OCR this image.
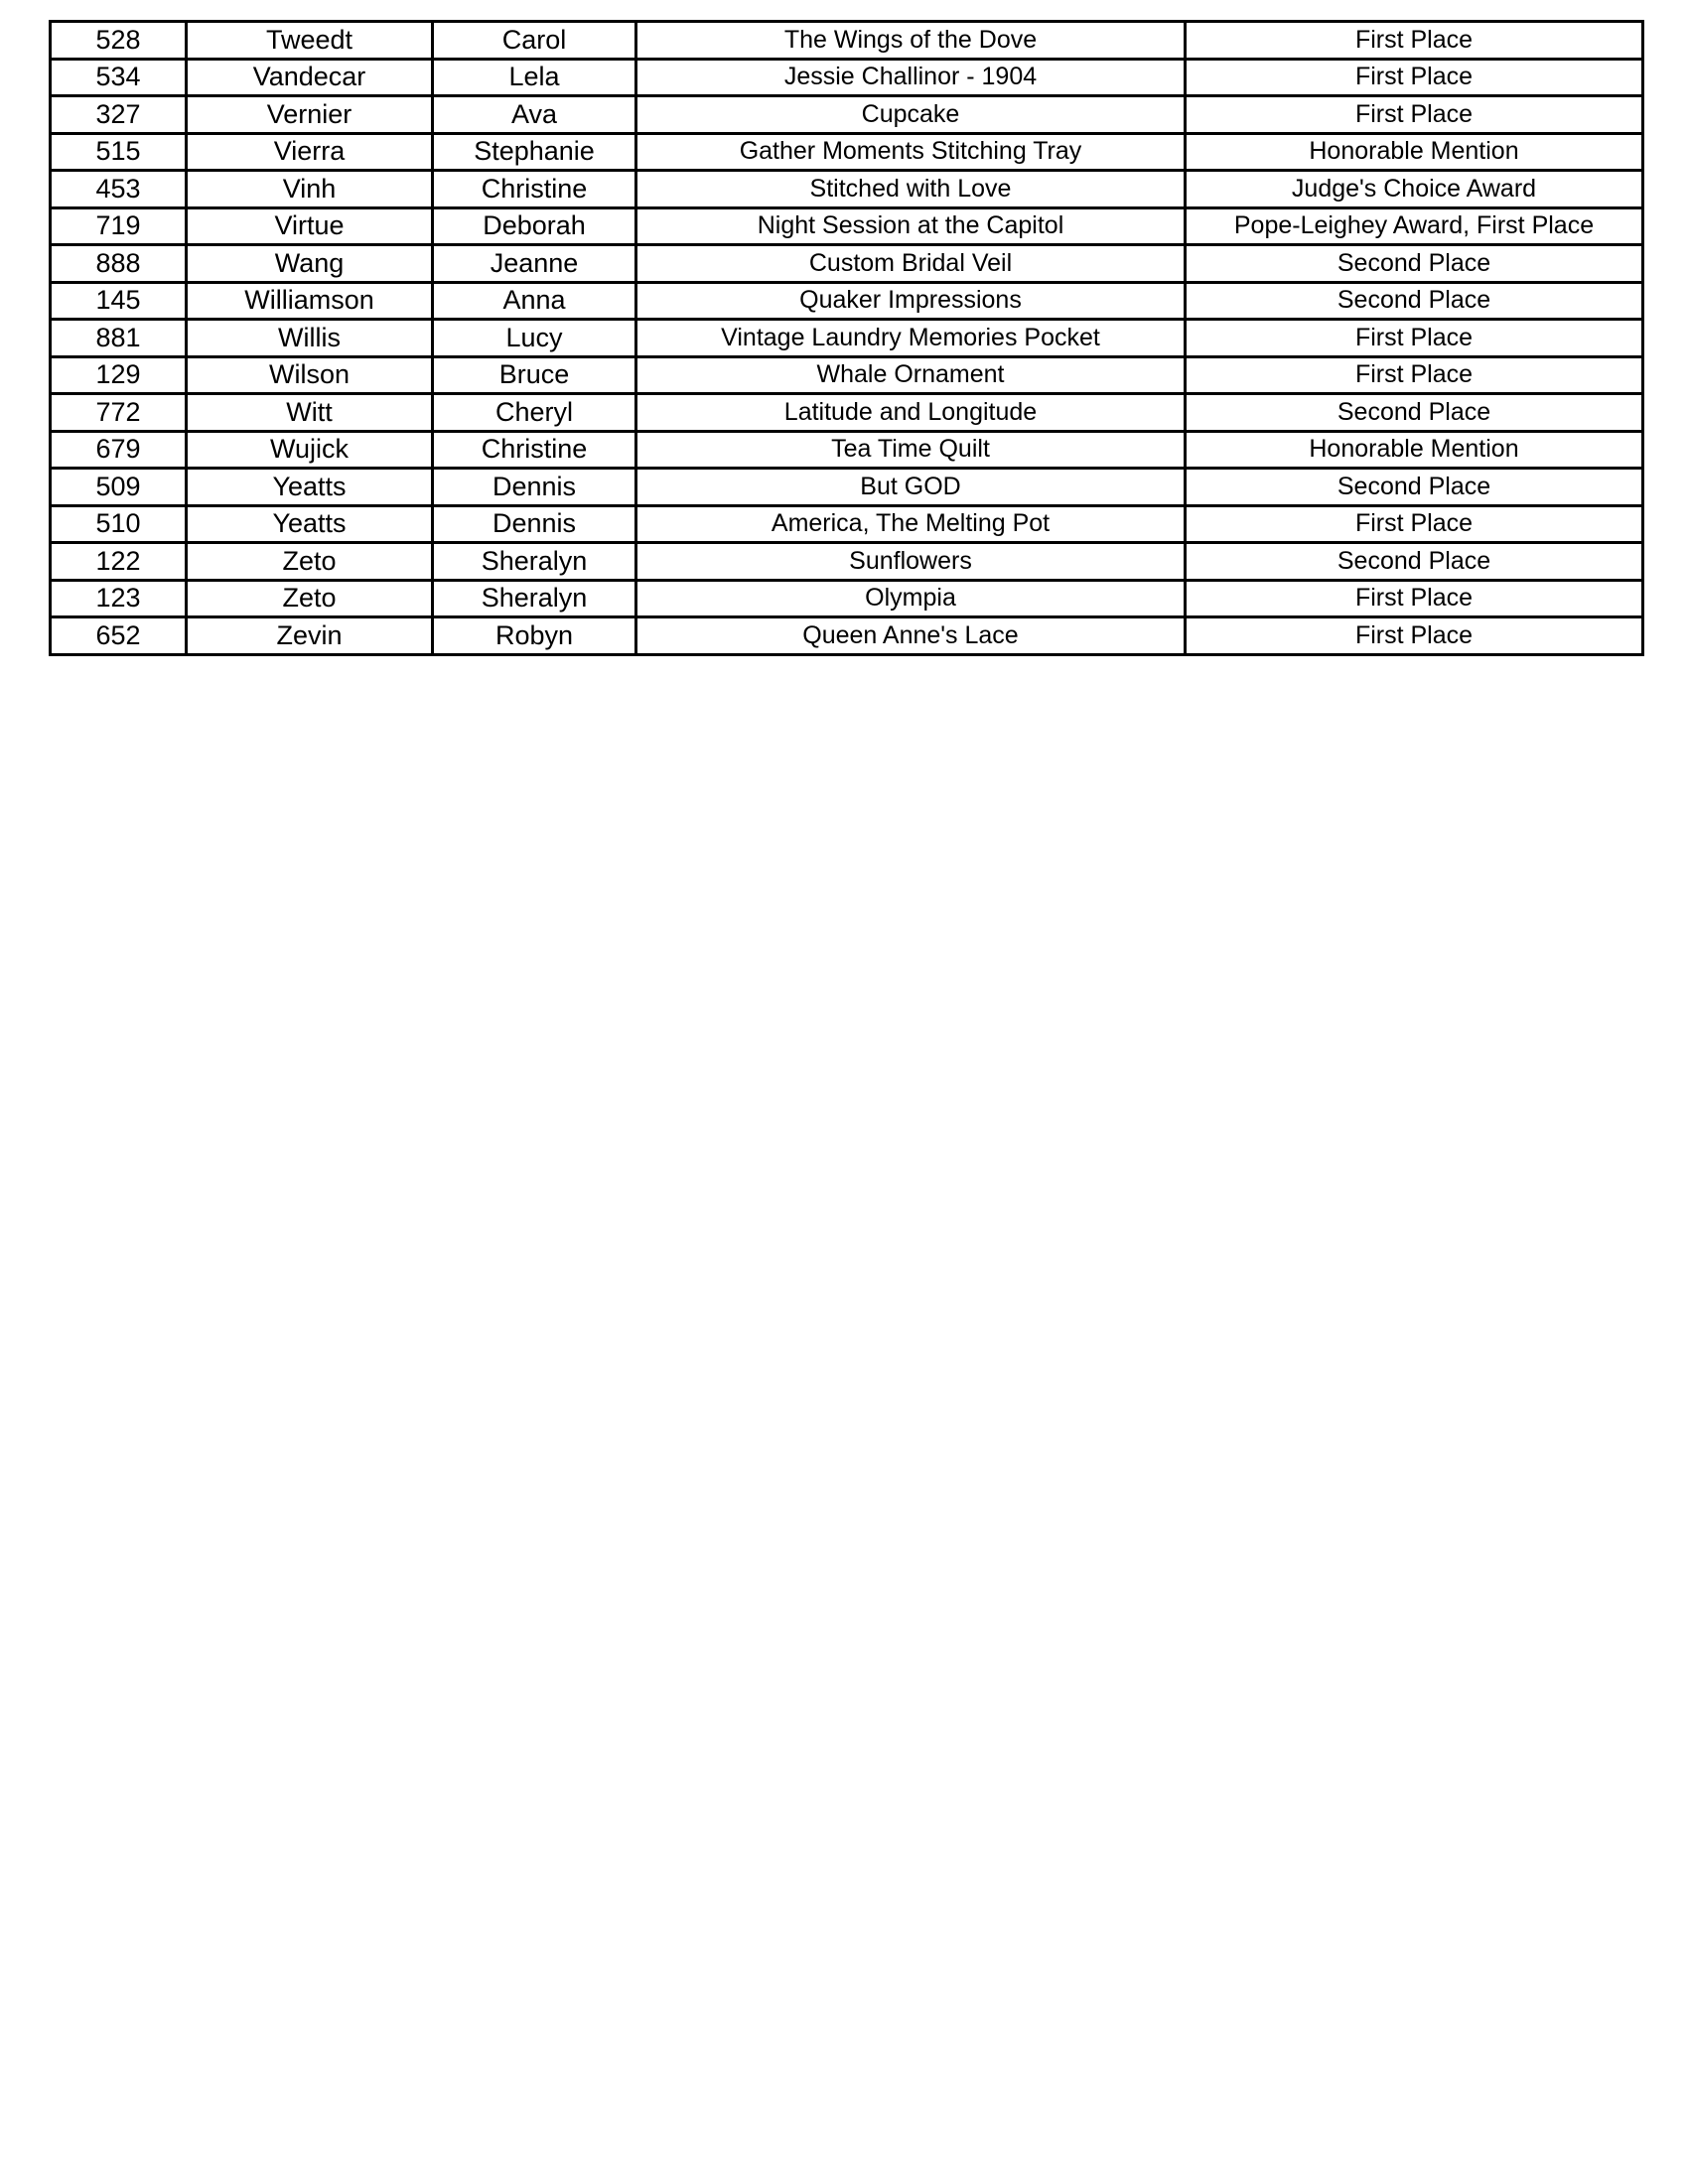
528	Tweedt	Carol	The Wings of the Dove	First Place
534	Vandecar	Lela	Jessie Challinor - 1904	First Place
327	Vernier	Ava	Cupcake	First Place
515	Vierra	Stephanie	Gather Moments Stitching Tray	Honorable Mention
453	Vinh	Christine	Stitched with Love	Judge's Choice Award
719	Virtue	Deborah	Night Session at the Capitol	Pope-Leighey Award, First Place
888	Wang	Jeanne	Custom Bridal Veil	Second Place
145	Williamson	Anna	Quaker Impressions	Second Place
881	Willis	Lucy	Vintage Laundry Memories Pocket	First Place
129	Wilson	Bruce	Whale Ornament	First Place
772	Witt	Cheryl	Latitude and Longitude	Second Place
679	Wujick	Christine	Tea Time Quilt	Honorable Mention
509	Yeatts	Dennis	But GOD	Second Place
510	Yeatts	Dennis	America, The Melting Pot	First Place
122	Zeto	Sheralyn	Sunflowers	Second Place
123	Zeto	Sheralyn	Olympia	First Place
652	Zevin	Robyn	Queen Anne's Lace	First Place
